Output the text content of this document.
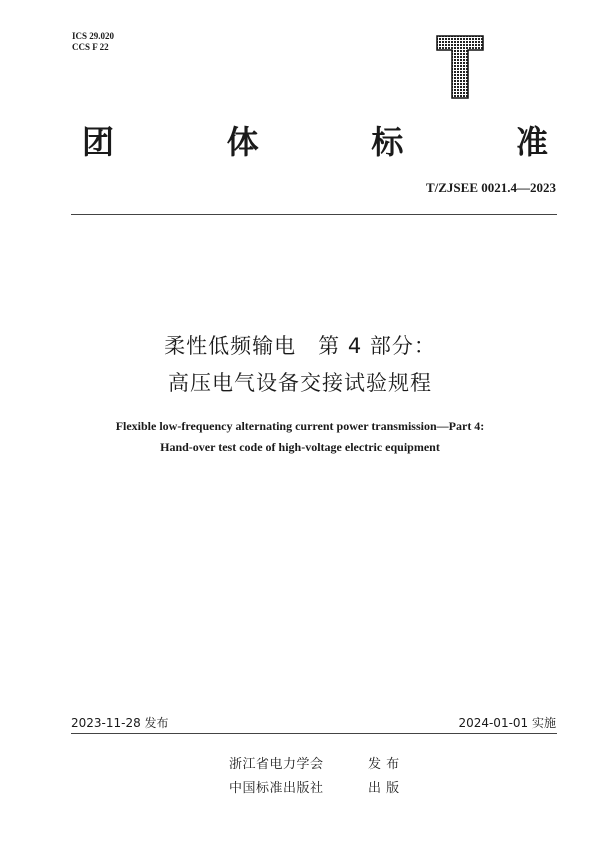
ICS 29.020
CCS F 22
团	体	标	准
T/ZJSEE 0021.4—2023
柔性低频输电　第 4 部分：
高压电气设备交接试验规程
Flexible low-frequency alternating current power transmission—Part 4:
Hand-over test code of high-voltage electric equipment
2023-11-28 发布	2024-01-01 实施
浙江省电力学会	发 布
中国标准出版社	出 版
